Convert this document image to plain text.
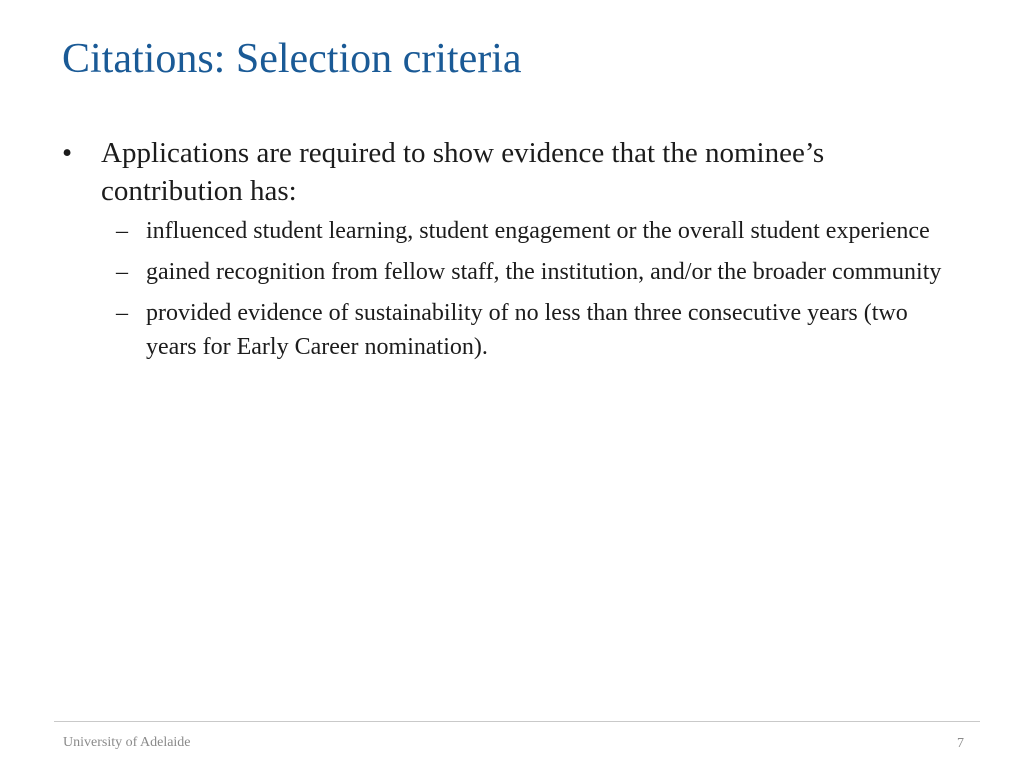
Citations: Selection criteria
• Applications are required to show evidence that the nominee’s contribution has:
– influenced student learning, student engagement or the overall student experience
– gained recognition from fellow staff, the institution, and/or the broader community
– provided evidence of sustainability of no less than three consecutive years (two years for Early Career nomination).
University of Adelaide	7
